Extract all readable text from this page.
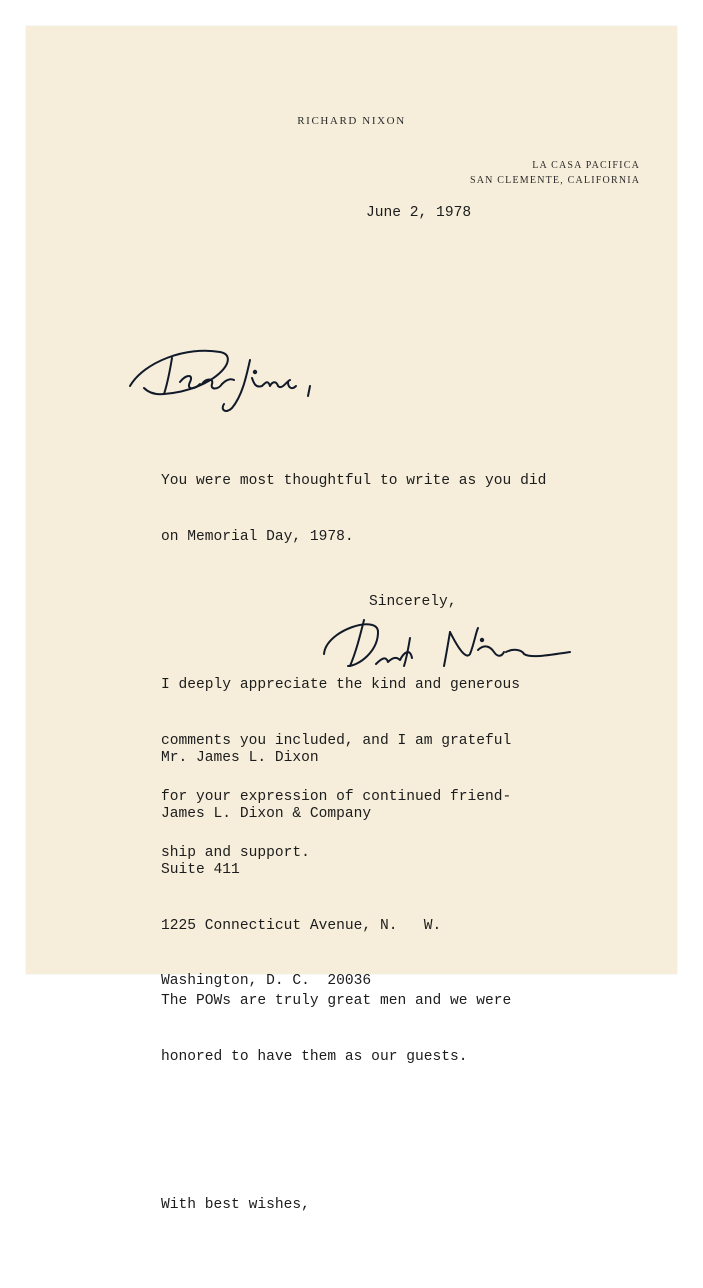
RICHARD NIXON
LA CASA PACIFICA
SAN CLEMENTE, CALIFORNIA
June 2, 1978

You were most thoughtful to write as you did

on Memorial Day, 1978.

I deeply appreciate the kind and generous

comments you included, and I am grateful

for your expression of continued friend-

ship and support.

The POWs are truly great men and we were

honored to have them as our guests.

With best wishes,

Sincerely,

Mr. James L. Dixon

James L. Dixon & Company

Suite 411

1225 Connecticut Avenue, N.   W.

Washington, D. C.  20036
